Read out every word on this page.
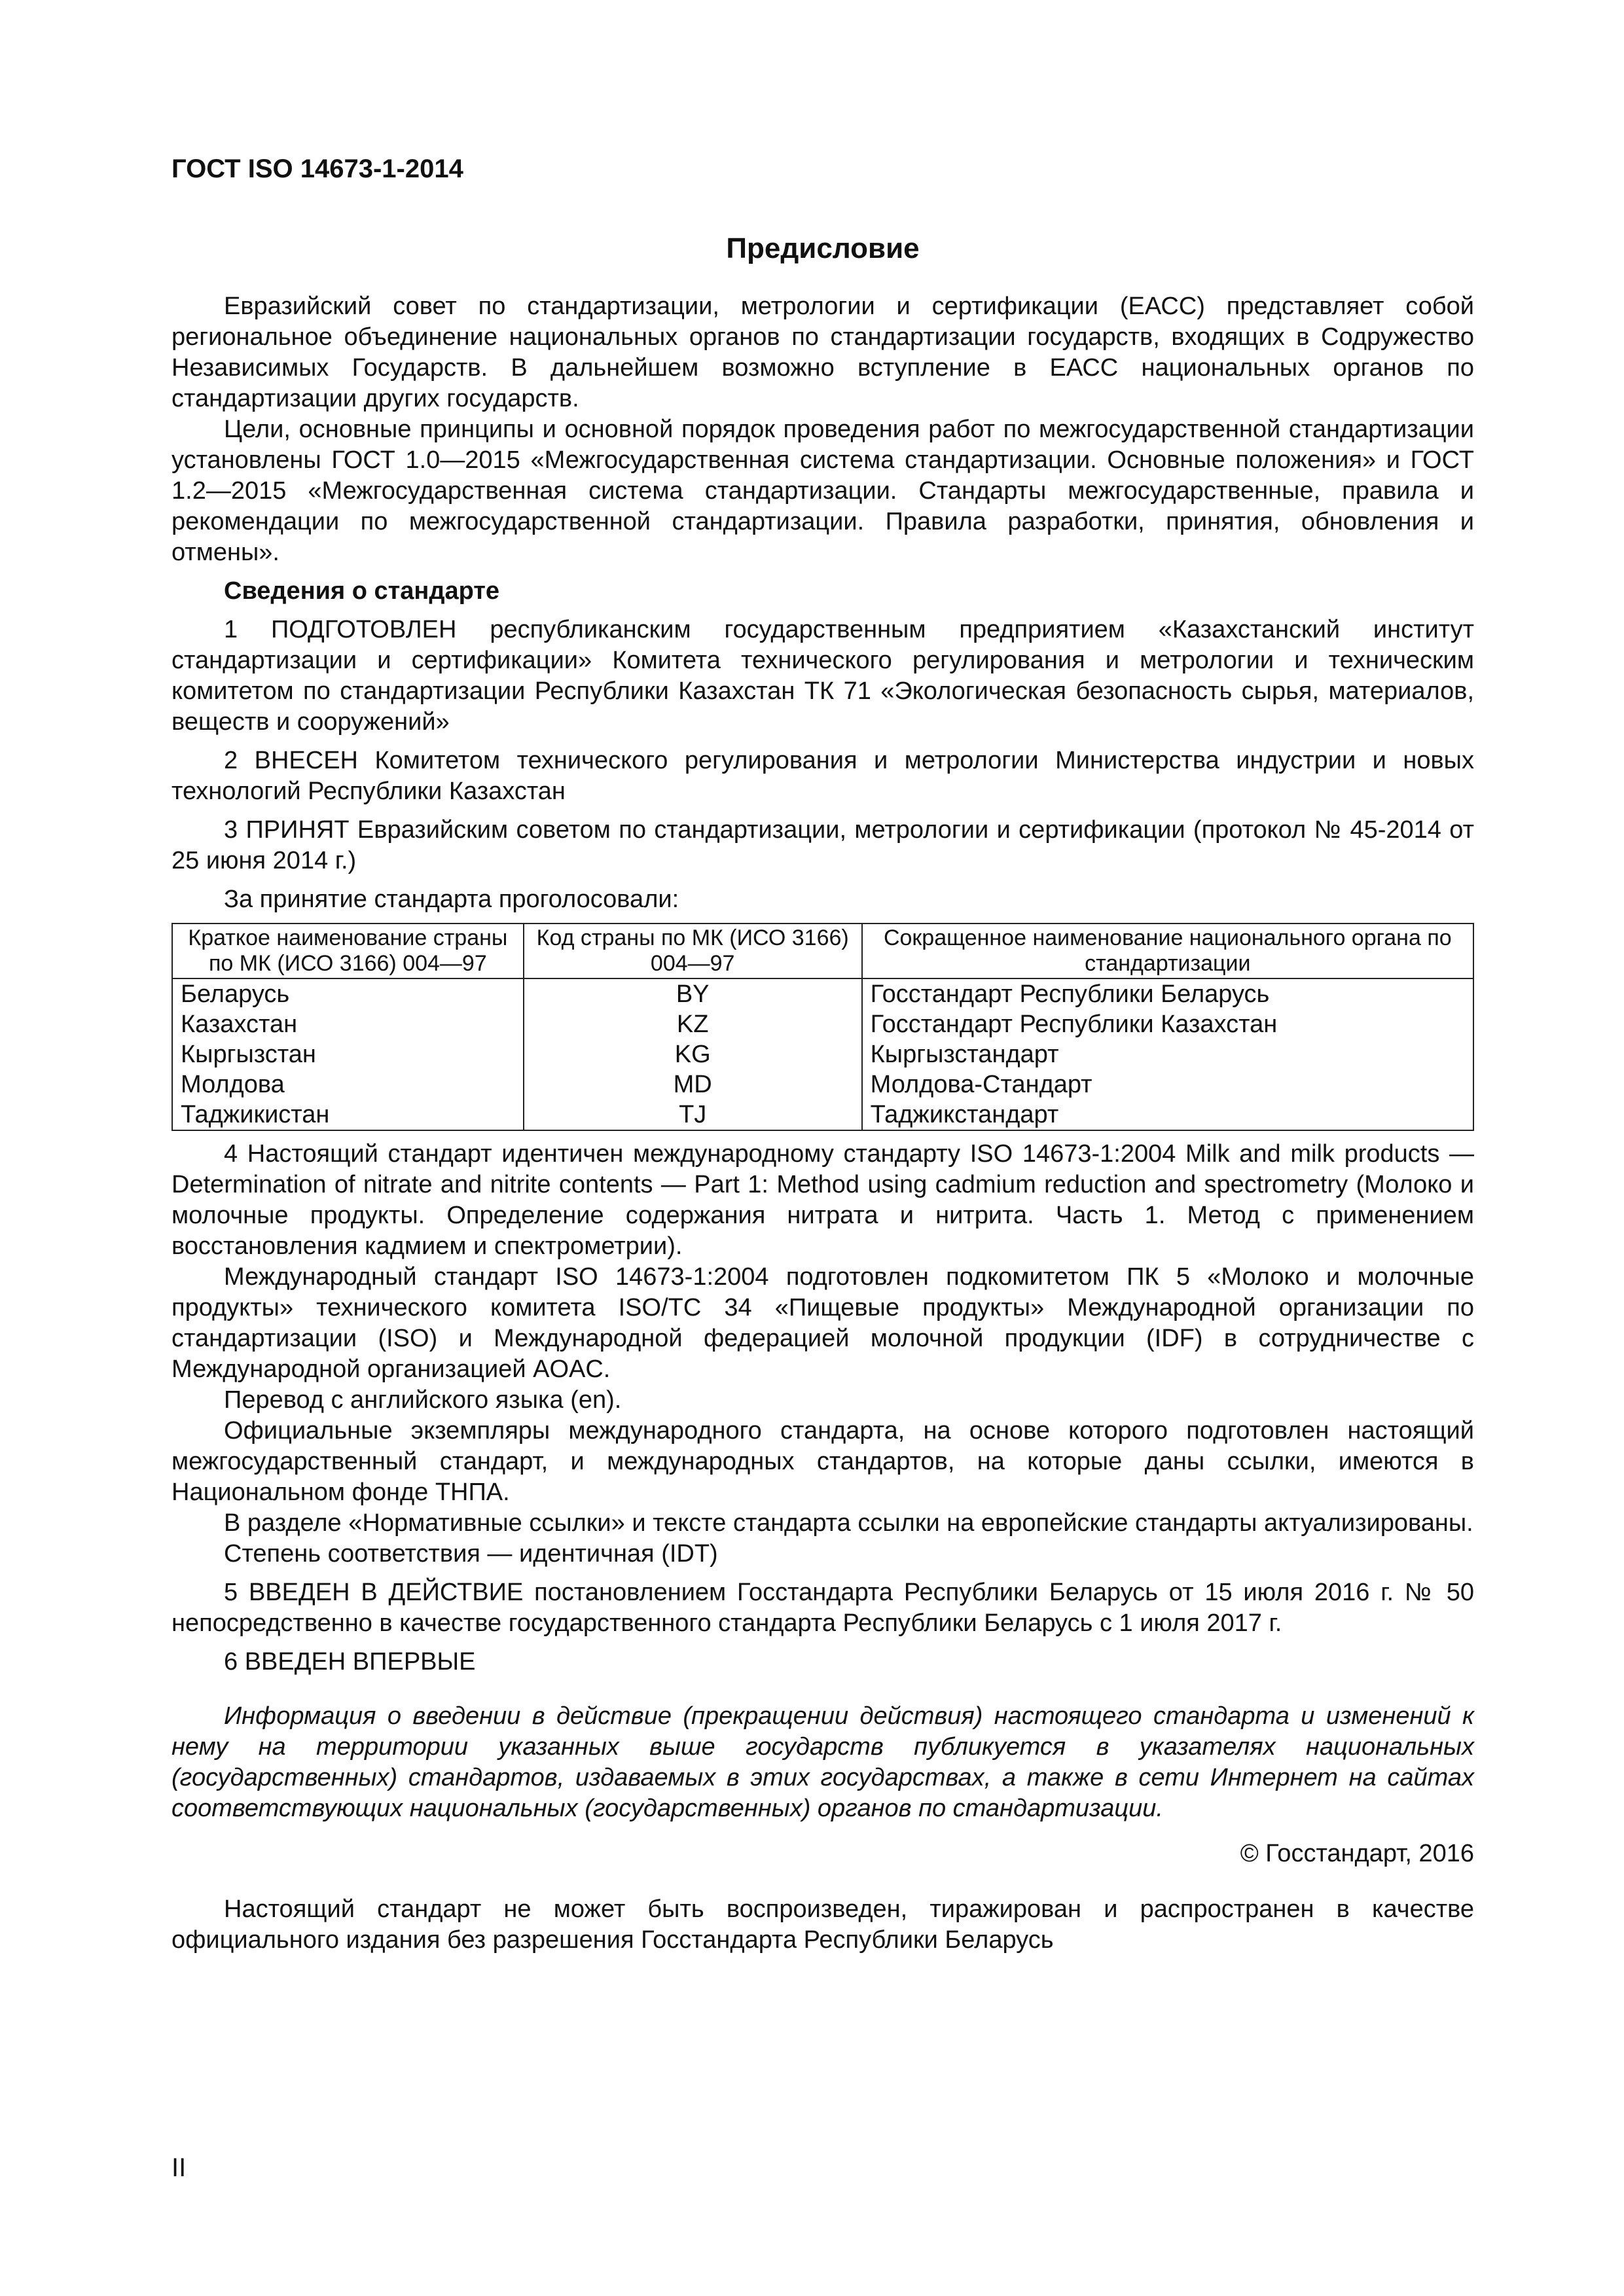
ГОСТ ISO 14673-1-2014
Предисловие

Евразийский совет по стандартизации, метрологии и сертификации (ЕАСС) представляет собой региональное объединение национальных органов по стандартизации государств, входящих в Содружество Независимых Государств. В дальнейшем возможно вступление в ЕАСС национальных органов по стандартизации других государств.

Цели, основные принципы и основной порядок проведения работ по межгосударственной стандартизации установлены ГОСТ 1.0—2015 «Межгосударственная система стандартизации. Основные положения» и ГОСТ 1.2—2015 «Межгосударственная система стандартизации. Стандарты межгосударственные, правила и рекомендации по межгосударственной стандартизации. Правила разработки, принятия, обновления и отмены».

Сведения о стандарте

1 ПОДГОТОВЛЕН республиканским государственным предприятием «Казахстанский институт стандартизации и сертификации» Комитета технического регулирования и метрологии и техническим комитетом по стандартизации Республики Казахстан ТК 71 «Экологическая безопасность сырья, материалов, веществ и сооружений»

2 ВНЕСЕН Комитетом технического регулирования и метрологии Министерства индустрии и новых технологий Республики Казахстан

3 ПРИНЯТ Евразийским советом по стандартизации, метрологии и сертификации (протокол № 45-2014 от 25 июня 2014 г.)

За принятие стандарта проголосовали:

Краткое наименование страны по МК (ИСО 3166) 004—97	Код страны по МК (ИСО 3166) 004—97	Сокращенное наименование национального органа по стандартизации
Беларусь	BY	Госстандарт Республики Беларусь
Казахстан	KZ	Госстандарт Республики Казахстан
Кыргызстан	KG	Кыргызстандарт
Молдова	MD	Молдова-Стандарт
Таджикистан	TJ	Таджикстандарт

4 Настоящий стандарт идентичен международному стандарту ISO 14673-1:2004 Milk and milk products — Determination of nitrate and nitrite contents — Part 1: Method using cadmium reduction and spectrometry (Молоко и молочные продукты. Определение содержания нитрата и нитрита. Часть 1. Метод с применением восстановления кадмием и спектрометрии).

Международный стандарт ISO 14673-1:2004 подготовлен подкомитетом ПК 5 «Молоко и молочные продукты» технического комитета ISO/TC 34 «Пищевые продукты» Международной организации по стандартизации (ISO) и Международной федерацией молочной продукции (IDF) в сотрудничестве с Международной организацией AOAC.

Перевод с английского языка (en).

Официальные экземпляры международного стандарта, на основе которого подготовлен настоящий межгосударственный стандарт, и международных стандартов, на которые даны ссылки, имеются в Национальном фонде ТНПА.

В разделе «Нормативные ссылки» и тексте стандарта ссылки на европейские стандарты актуализированы.

Степень соответствия — идентичная (IDT)

5 ВВЕДЕН В ДЕЙСТВИЕ постановлением Госстандарта Республики Беларусь от 15 июля 2016 г. № 50 непосредственно в качестве государственного стандарта Республики Беларусь с 1 июля 2017 г.

6 ВВЕДЕН ВПЕРВЫЕ

Информация о введении в действие (прекращении действия) настоящего стандарта и изменений к нему на территории указанных выше государств публикуется в указателях национальных (государственных) стандартов, издаваемых в этих государствах, а также в сети Интернет на сайтах соответствующих национальных (государственных) органов по стандартизации.

© Госстандарт, 2016

Настоящий стандарт не может быть воспроизведен, тиражирован и распространен в качестве официального издания без разрешения Госстандарта Республики Беларусь

II
